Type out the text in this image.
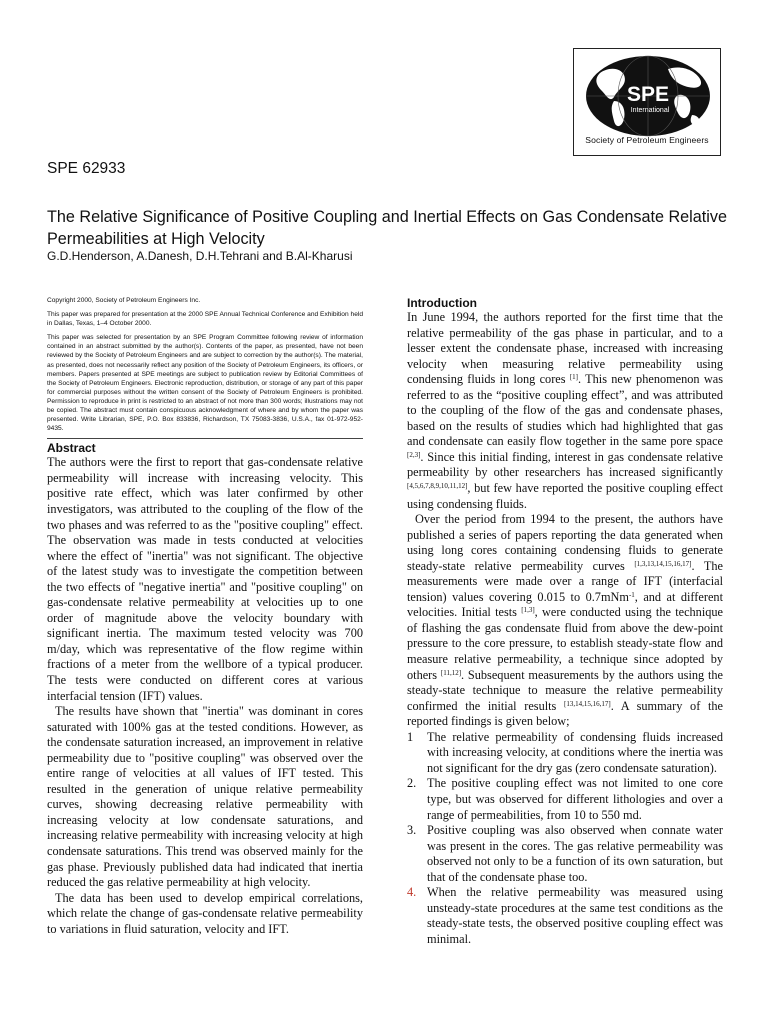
SPE
International
Society of Petroleum Engineers
SPE 62933
The Relative Significance of Positive Coupling and Inertial Effects on Gas Condensate Relative Permeabilities at High Velocity
G.D.Henderson, A.Danesh, D.H.Tehrani and B.Al-Kharusi

Copyright 2000, Society of Petroleum Engineers Inc.

This paper was prepared for presentation at the 2000 SPE Annual Technical Conference and Exhibition held in Dallas, Texas, 1–4 October 2000.

This paper was selected for presentation by an SPE Program Committee following review of information contained in an abstract submitted by the author(s). Contents of the paper, as presented, have not been reviewed by the Society of Petroleum Engineers and are subject to correction by the author(s). The material, as presented, does not necessarily reflect any position of the Society of Petroleum Engineers, its officers, or members. Papers presented at SPE meetings are subject to publication review by Editorial Committees of the Society of Petroleum Engineers. Electronic reproduction, distribution, or storage of any part of this paper for commercial purposes without the written consent of the Society of Petroleum Engineers is prohibited. Permission to reproduce in print is restricted to an abstract of not more than 300 words; illustrations may not be copied. The abstract must contain conspicuous acknowledgment of where and by whom the paper was presented. Write Librarian, SPE, P.O. Box 833836, Richardson, TX 75083-3836, U.S.A., fax 01-972-952-9435.

Abstract

The authors were the first to report that gas-condensate relative permeability will increase with increasing velocity. This positive rate effect, which was later confirmed by other investigators, was attributed to the coupling of the flow of the two phases and was referred to as the "positive coupling" effect. The observation was made in tests conducted at velocities where the effect of "inertia" was not significant. The objective of the latest study was to investigate the competition between the two effects of "negative inertia" and "positive coupling" on gas-condensate relative permeability at velocities up to one order of magnitude above the velocity boundary with significant inertia. The maximum tested velocity was 700 m/day, which was representative of the flow regime within fractions of a meter from the wellbore of a typical producer. The tests were conducted on different cores at various interfacial tension (IFT) values.

The results have shown that "inertia" was dominant in cores saturated with 100% gas at the tested conditions. However, as the condensate saturation increased, an improvement in relative permeability due to "positive coupling" was observed over the entire range of velocities at all values of IFT tested. This resulted in the generation of unique relative permeability curves, showing decreasing relative permeability with increasing velocity at low condensate saturations, and increasing relative permeability with increasing velocity at high condensate saturations. This trend was observed mainly for the gas phase. Previously published data had indicated that inertia reduced the gas relative permeability at high velocity.

The data has been used to develop empirical correlations, which relate the change of gas-condensate relative permeability to variations in fluid saturation, velocity and IFT.

Introduction

In June 1994, the authors reported for the first time that the relative permeability of the gas phase in particular, and to a lesser extent the condensate phase, increased with increasing velocity when measuring relative permeability using condensing fluids in long cores [1]. This new phenomenon was referred to as the “positive coupling effect”, and was attributed to the coupling of the flow of the gas and condensate phases, based on the results of studies which had highlighted that gas and condensate can easily flow together in the same pore space [2,3]. Since this initial finding, interest in gas condensate relative permeability by other researchers has increased significantly [4,5,6,7,8,9,10,11,12], but few have reported the positive coupling effect using condensing fluids.

Over the period from 1994 to the present, the authors have published a series of papers reporting the data generated when using long cores containing condensing fluids to generate steady-state relative permeability curves [1,3,13,14,15,16,17]. The measurements were made over a range of IFT (interfacial tension) values covering 0.015 to 0.7mNm$^{-1}$, and at different velocities. Initial tests [1,3], were conducted using the technique of flashing the gas condensate fluid from above the dew-point pressure to the core pressure, to establish steady-state flow and measure relative permeability, a technique since adopted by others [11,12]. Subsequent measurements by the authors using the steady-state technique to measure the relative permeability confirmed the initial results [13,14,15,16,17]. A summary of the reported findings is given below;

1 The relative permeability of condensing fluids increased with increasing velocity, at conditions where the inertia was not significant for the dry gas (zero condensate saturation).
2. The positive coupling effect was not limited to one core type, but was observed for different lithologies and over a range of permeabilities, from 10 to 550 md.
3. Positive coupling was also observed when connate water was present in the cores. The gas relative permeability was observed not only to be a function of its own saturation, but that of the condensate phase too.
4. When the relative permeability was measured using unsteady-state procedures at the same test conditions as the steady-state tests, the observed positive coupling effect was minimal.
